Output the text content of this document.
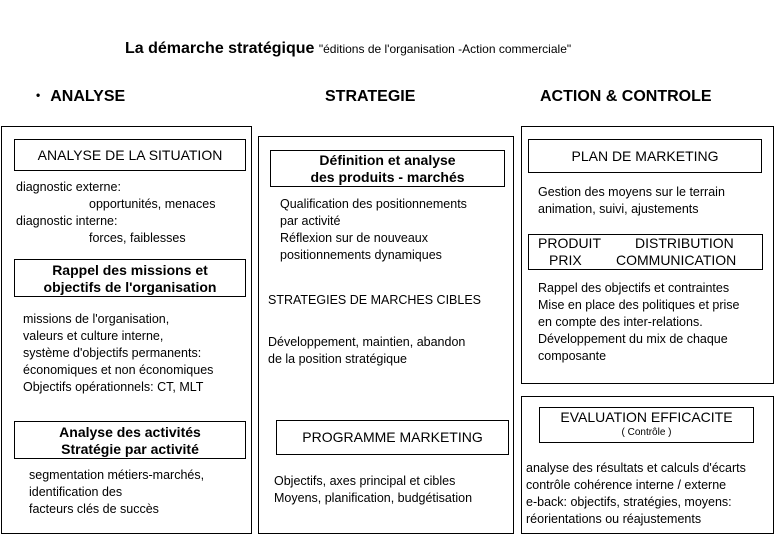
La démarche stratégique "éditions de l'organisation -Action commerciale"
• ANALYSE	STRATEGIE	ACTION & CONTROLE
ANALYSE DE LA SITUATION
diagnostic externe:
opportunités, menaces
diagnostic interne:
forces, faiblesses
Rappel des missions et
objectifs de l'organisation
missions de l'organisation,
valeurs et culture interne,
système d'objectifs permanents:
économiques et non économiques
Objectifs opérationnels: CT, MLT
Analyse des activités
Stratégie par activité
segmentation métiers-marchés,
identification des
facteurs clés de succès
Définition et analyse
des produits - marchés
Qualification des positionnements
par activité
Réflexion sur de nouveaux
positionnements dynamiques
STRATEGIES DE MARCHES CIBLES
Développement, maintien, abandon
de la position stratégique
PROGRAMME MARKETING
Objectifs, axes principal et cibles
Moyens, planification, budgétisation
PLAN DE MARKETING
Gestion des moyens sur le terrain
animation, suivi, ajustements
PRODUIT DISTRIBUTION
PRIX COMMUNICATION
Rappel des objectifs et contraintes
Mise en place des politiques et prise
en compte des inter-relations.
Développement du mix de chaque
composante
EVALUATION EFFICACITE
( Contrôle )
analyse des résultats et calculs d'écarts
contrôle cohérence interne / externe
e-back: objectifs, stratégies, moyens:
réorientations ou réajustements
